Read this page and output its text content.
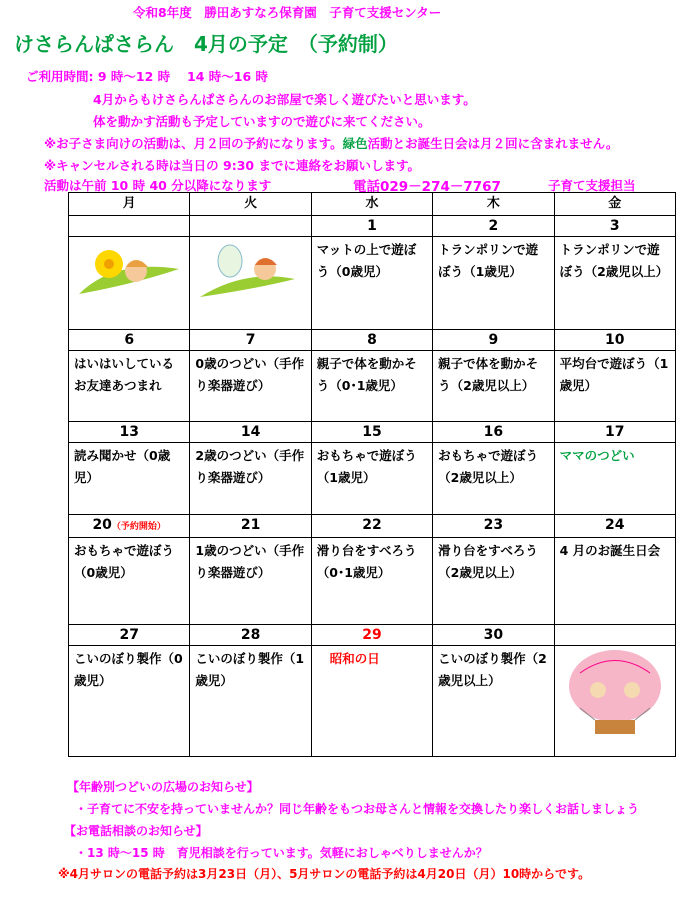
令和8年度　勝田あすなろ保育園　子育て支援センター
けさらんぱさらん　4月の予定　（予約制）
ご利用時間: 9 時～12 時　 14 時～16 時
4月からもけさらんぱさらんのお部屋で楽しく遊びたいと思います。
体を動かす活動も予定していますので遊びに来てください。
※お子さま向けの活動は、月２回の予約になります。緑色活動とお誕生日会は月２回に含まれません。
※キャンセルされる時は当日の 9:30 までに連絡をお願いします。
活動は午前 10 時 40 分以降になります	電話029－274－7767	子育て支援担当
月	火	水	木	金
		1	2	3
		マットの上で遊ぼう（0歳児）	トランポリンで遊ぼう（1歳児）	トランポリンで遊ぼう（2歳児以上）
6	7	8	9	10
はいはいしているお友達あつまれ	0歳のつどい（手作り楽器遊び）	親子で体を動かそう（0･1歳児）	親子で体を動かそう（2歳児以上）	平均台で遊ぼう（1歳児）
13	14	15	16	17
読み聞かせ（0歳児）	2歳のつどい（手作り楽器遊び）	おもちゃで遊ぼう（1歳児）	おもちゃで遊ぼう（2歳児以上）	ママのつどい
20（予約開始）	21	22	23	24
おもちゃで遊ぼう（0歳児）	1歳のつどい（手作り楽器遊び）	滑り台をすべろう（0･1歳児）	滑り台をすべろう（2歳児以上）	4 月のお誕生日会
27	28	29	30	
こいのぼり製作（0歳児）	こいのぼり製作（1歳児）	昭和の日	こいのぼり製作（2歳児以上）	
【年齢別つどいの広場のお知らせ】
・子育てに不安を持っていませんか？同じ年齢をもつお母さんと情報を交換したり楽しくお話しましょう
【お電話相談のお知らせ】
・13 時～15 時　育児相談を行っています。気軽におしゃべりしませんか？
※4月サロンの電話予約は3月23日（月）、5月サロンの電話予約は4月20日（月）10時からです。
